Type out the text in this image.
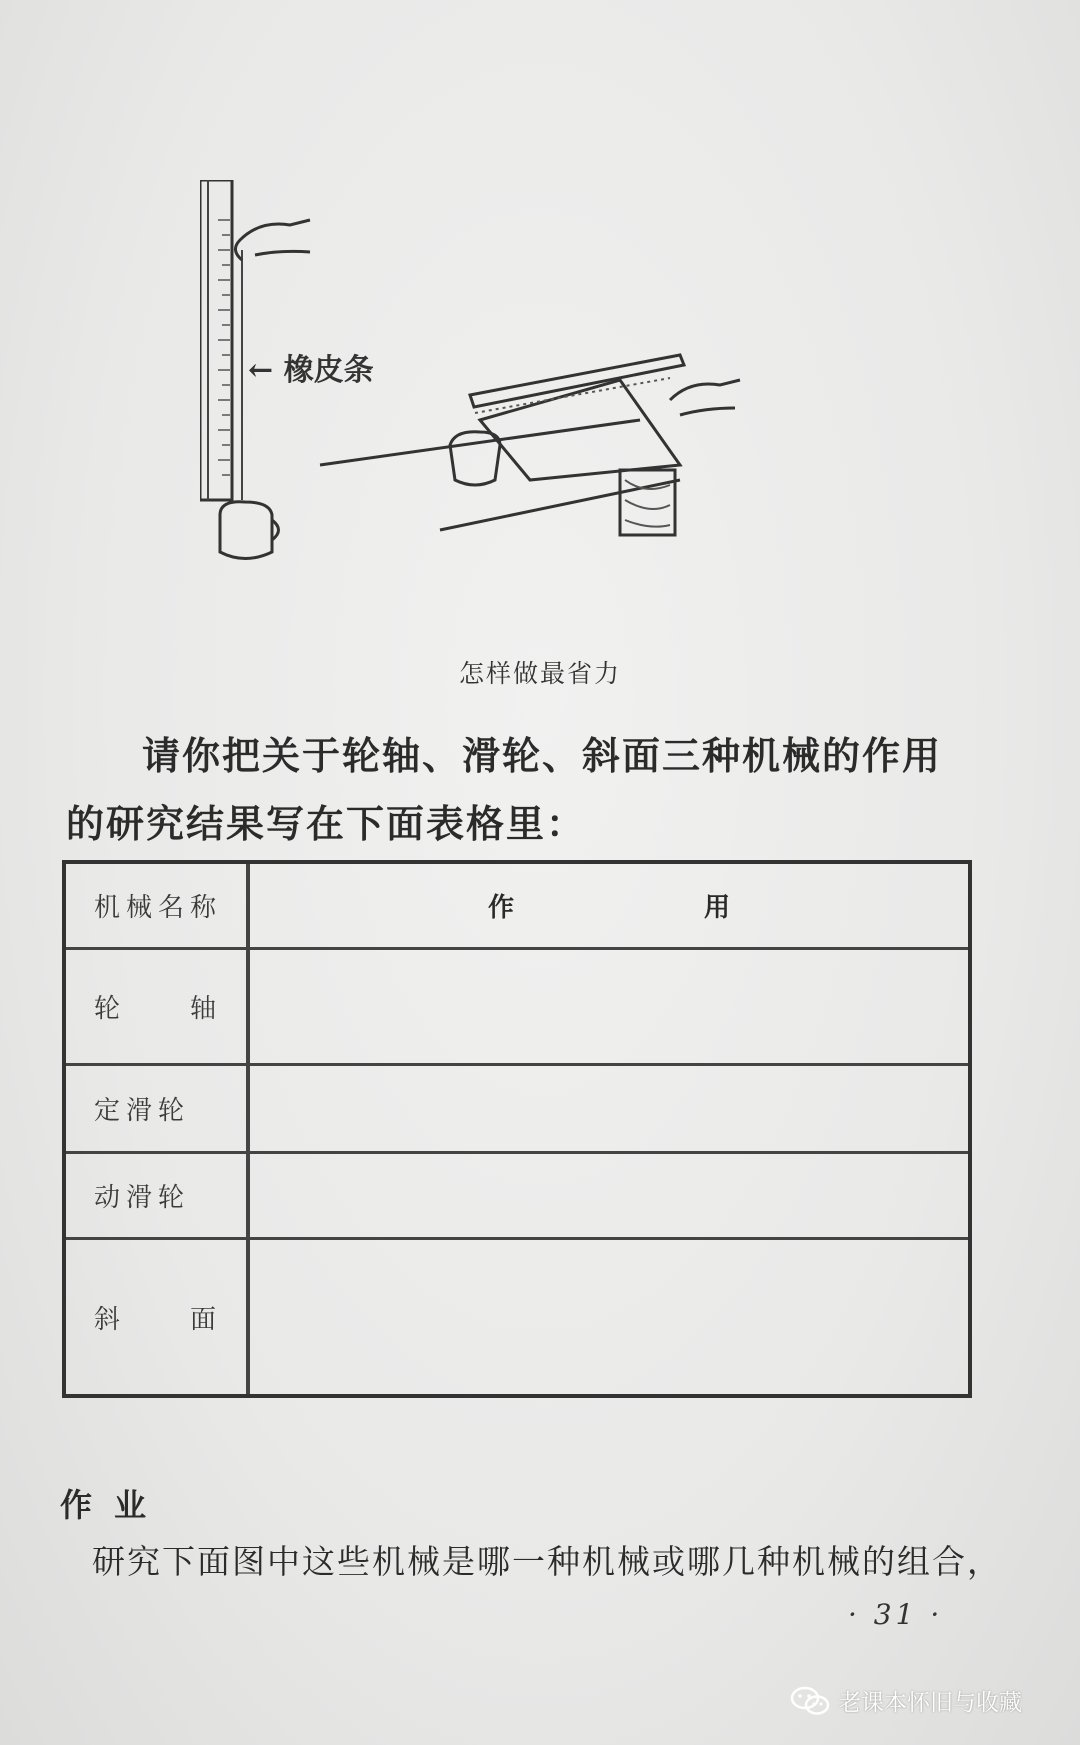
← 橡皮条
怎样做最省力
请你把关于轮轴、滑轮、斜面三种机械的作用的研究结果写在下面表格里：
机械名称	作	用
轮 轴
定滑轮
动滑轮
斜 面
作业
研究下面图中这些机械是哪一种机械或哪几种机械的组合，
· 31 ·
老课本怀旧与收藏
